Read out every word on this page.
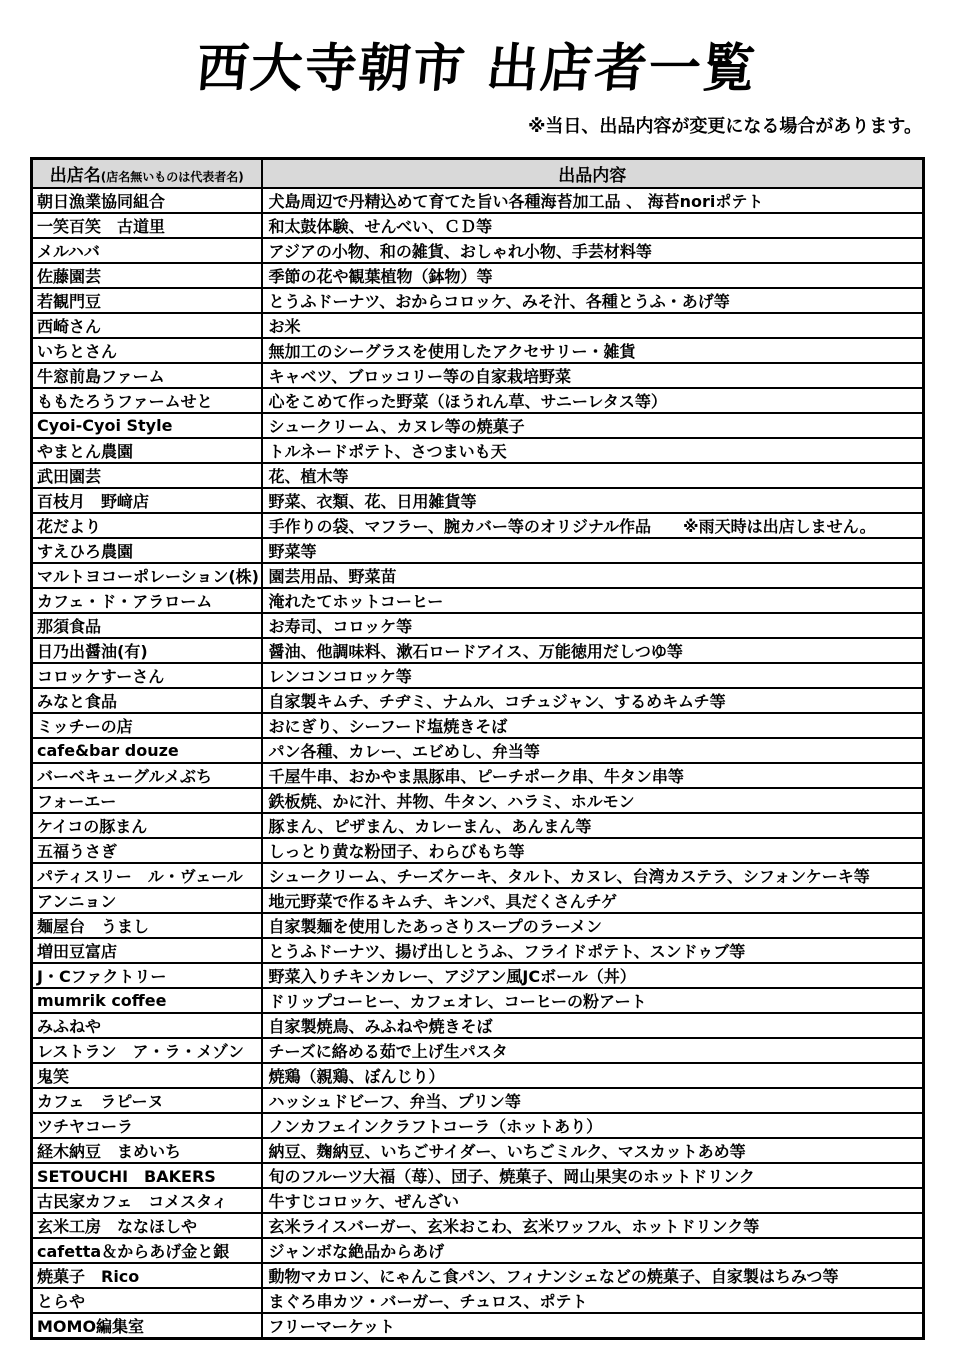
西大寺朝市 出店者一覧
※当日、出品内容が変更になる場合があります。
出店名(店名無いものは代表者名)	出品内容
朝日漁業協同組合	犬島周辺で丹精込めて育てた旨い各種海苔加工品 、 海苔noriポテト
一笑百笑　古道里	和太鼓体験、せんべい、ＣＤ等
メルハバ	アジアの小物、和の雑貨、おしゃれ小物、手芸材料等
佐藤園芸	季節の花や観葉植物（鉢物）等
若観門豆	とうふドーナツ、おからコロッケ、みそ汁、各種とうふ・あげ等
西崎さん	お米
いちとさん	無加工のシーグラスを使用したアクセサリー・雑貨
牛窓前島ファーム	キャベツ、ブロッコリー等の自家栽培野菜
ももたろうファームせと	心をこめて作った野菜（ほうれん草、サニーレタス等）
Cyoi-Cyoi Style	シュークリーム、カヌレ等の焼菓子
やまとん農園	トルネードポテト、さつまいも天
武田園芸	花、植木等
百枝月　野﨑店	野菜、衣類、花、日用雑貨等
花だより	手作りの袋、マフラー、腕カバー等のオリジナル作品　　※雨天時は出店しません。
すえひろ農園	野菜等
マルトヨコーポレーション(株)	園芸用品、野菜苗
カフェ・ド・アラローム	淹れたてホットコーヒー
那須食品	お寿司、コロッケ等
日乃出醤油(有)	醤油、他調味料、漱石ロードアイス、万能徳用だしつゆ等
コロッケすーさん	レンコンコロッケ等
みなと食品	自家製キムチ、チヂミ、ナムル、コチュジャン、するめキムチ等
ミッチーの店	おにぎり、シーフード塩焼きそば
cafe&bar douze	パン各種、カレー、エビめし、弁当等
バーベキューグルメぶち	千屋牛串、おかやま黒豚串、ピーチポーク串、牛タン串等
フォーエー	鉄板焼、かに汁、丼物、牛タン、ハラミ、ホルモン
ケイコの豚まん	豚まん、ピザまん、カレーまん、あんまん等
五福うさぎ	しっとり黄な粉団子、わらびもち等
パティスリー　ル・ヴェール	シュークリーム、チーズケーキ、タルト、カヌレ、台湾カステラ、シフォンケーキ等
アンニョン	地元野菜で作るキムチ、キンパ、具だくさんチゲ
麺屋台　うまし	自家製麺を使用したあっさりスープのラーメン
増田豆富店	とうふドーナツ、揚げ出しとうふ、フライドポテト、スンドゥブ等
J・Cファクトリー	野菜入りチキンカレー、アジアン風JCボール（丼）
mumrik coffee	ドリップコーヒー、カフェオレ、コーヒーの粉アート
みふねや	自家製焼鳥、みふねや焼きそば
レストラン　ア・ラ・メゾン	チーズに絡める茹で上げ生パスタ
鬼笑	焼鶏（親鶏、ぼんじり）
カフェ　ラピーヌ	ハッシュドビーフ、弁当、プリン等
ツチヤコーラ	ノンカフェインクラフトコーラ（ホットあり）
経木納豆　まめいち	納豆、麹納豆、いちごサイダー、いちごミルク、マスカットあめ等
SETOUCHI　BAKERS	旬のフルーツ大福（苺）、団子、焼菓子、岡山果実のホットドリンク
古民家カフェ　コメスタィ	牛すじコロッケ、ぜんざい
玄米工房　ななほしや	玄米ライスバーガー、玄米おこわ、玄米ワッフル、ホットドリンク等
cafetta＆からあげ金と銀	ジャンボな絶品からあげ
焼菓子　Rico	動物マカロン、にゃんこ食パン、フィナンシェなどの焼菓子、自家製はちみつ等
とらや	まぐろ串カツ・バーガー、チュロス、ポテト
MOMO編集室	フリーマーケット
